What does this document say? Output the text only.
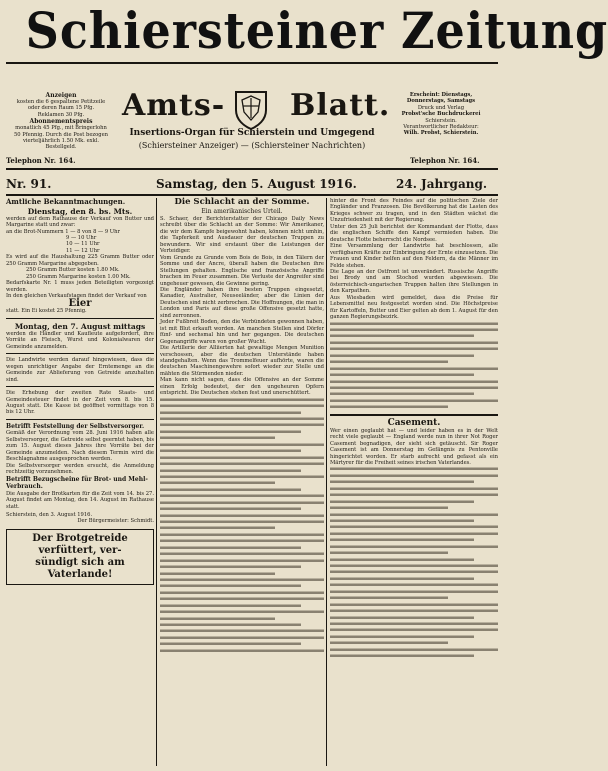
Schiersteiner Zeitung
Anzeigen
kosten die 6 gespaltene Petitzeile
oder deren Raum 15 Pfg.
Reklamen 30 Pfg.
Abonnementspreis
monatlich 45 Pfg., mit Bringerlohn
50 Pfennig. Durch die Post bezogen
vierteljährlich 1.50 Mk. exkl.
Bestellgeld.
Amts- Blatt.
Insertions-Organ für Schierstein und Umgegend
(Schiersteiner Anzeiger) — (Schiersteiner Nachrichten)
Erscheint: Dienstags,
Donnerstags, Samstags
Druck und Verlag
Probst'sche Buchdruckerei
Schierstein.
Verantwortlicher Redakteur:
Wilh. Probst, Schierstein.
Telephon Nr. 164.	Telephon Nr. 164.
Nr. 91.	Samstag, den 5. August 1916.	24. Jahrgang.

Amtliche Bekanntmachungen.

Dienstag, den 8. bs. Mts.

werden auf dem Rathause der Verkauf von Butter und Margarine statt und zwar:

an die Brot-Nummern 1 — 8 von 8 — 9 Uhr

9 — 10 Uhr

10 — 11 Uhr

11 — 12 Uhr

Es wird auf die Haushaltung 225 Gramm Butter oder 250 Gramm Margarine abgegeben.

250 Gramm Butter kosten 1.80 Mk.

250 Gramm Margarine kosten 1.00 Mk.

Bedarfskarte Nr. 1 muss jeden Beteiligten vorgezeigt werden.

In den gleichen Verkaufstagen findet der Verkauf von

Eier

statt. Ein Ei kostet 25 Pfennig.

Montag, den 7. August mittags

werden die Händler und Kaufleute aufgefordert, ihre Vorräte an Fleisch, Wurst und Kolonialwaren der Gemeinde anzumelden.

Die Landwirte werden darauf hingewiesen, dass die wegen unrichtiger Angabe der Erntemenge an die Gemeinde zur Ablieferung von Getreide anzuhalten sind.

Die Erhebung der zweiten Rate Staats- und Gemeindesteuer findet in der Zeit vom 8. bis 15. August statt. Die Kasse ist geöffnet vormittags von 8 bis 12 Uhr.

Betrifft Feststellung der Selbstversorger.

Gemäß der Verordnung vom 28. Juni 1916 haben alle Selbstversorger, die Getreide selbst geerntet haben, bis zum 15. August dieses Jahres ihre Vorräte bei der Gemeinde anzumelden. Nach diesem Termin wird die Beschlagnahme ausgesprochen werden.

Die Selbstversorger werden ersucht, die Anmeldung rechtzeitig vorzunehmen.

Betrifft Bezugscheine für Brot- und Mehl-Verbrauch.

Die Ausgabe der Brotkarten für die Zeit vom 14. bis 27. August findet am Montag, den 14. August im Rathause statt.

Schierstein, den 3. August 1916.

Der Bürgermeister: Schmidt.

Der Brotgetreide verfüttert, ver-
sündigt sich am Vaterlande!

Die Schlacht an der Somme.

Ein amerikanisches Urteil.

S. Schaer, der Berichterstatter der Chicago Daily News schreibt über die Schlacht an der Somme: Wir Amerikaner, die wir dem Kampfe beigewohnt haben, können nicht umhin, die Tapferkeit und Ausdauer der deutschen Truppen zu bewundern. Wir sind erstaunt über die Leistungen der Verteidiger.

Vom Grunde zu Grunde vom Bois de Bois, in den Tälern der Somme und der Ancre, überall haben die Deutschen ihre Stellungen gehalten. Englische und französische Angriffe brachen im Feuer zusammen. Die Verluste der Angreifer sind ungeheuer gewesen, die Gewinne gering.

Die Engländer haben ihre besten Truppen eingesetzt, Kanadier, Australier, Neuseeländer, aber die Linien der Deutschen sind nicht zerbrochen. Die Hoffnungen, die man in London und Paris auf diese große Offensive gesetzt hatte, sind zerronnen.

Jeder Fußbreit Boden, den die Verbündeten gewonnen haben, ist mit Blut erkauft worden. An manchen Stellen sind Dörfer fünf- und sechsmal hin und her gegangen. Die deutschen Gegenangriffe waren von großer Wucht.

Die Artillerie der Alliierten hat gewaltige Mengen Munition verschossen, aber die deutschen Unterstände haben standgehalten. Wenn das Trommelfeuer aufhörte, waren die deutschen Maschinengewehre sofort wieder zur Stelle und mähten die Stürmenden nieder.

Man kann nicht sagen, dass die Offensive an der Somme einen Erfolg bedeutet, der den ungeheuren Opfern entspricht. Die Deutschen stehen fest und unerschüttert.

hinter die Front des Feindes auf die politischen Ziele der Engländer und Franzosen. Die Bevölkerung hat die Lasten des Krieges schwer zu tragen, und in den Städten wächst die Unzufriedenheit mit der Regierung.

Unter den 25 Juli berichtet der Kommandant der Flotte, dass die englischen Schiffe den Kampf vermieden haben. Die deutsche Flotte beherrscht die Nordsee.

Eine Versammlung der Landwirte hat beschlossen, alle verfügbaren Kräfte zur Einbringung der Ernte einzusetzen. Die Frauen und Kinder helfen auf den Feldern, da die Männer im Felde stehen.

Die Lage an der Ostfront ist unverändert. Russische Angriffe bei Brody und am Stochod wurden abgewiesen. Die österreichisch-ungarischen Truppen halten ihre Stellungen in den Karpathen.

Aus Wiesbaden wird gemeldet, dass die Preise für Lebensmittel neu festgesetzt worden sind. Die Höchstpreise für Kartoffeln, Butter und Eier gelten ab dem 1. August für den ganzen Regierungsbezirk.

Casement.

Wer einen geglaubt hat — und leider haben es in der Welt recht viele geglaubt — England werde nun in ihrer Not Roger Casement begnadigen, der sieht sich getäuscht. Sir Roger Casement ist am Donnerstag im Gefängnis zu Pentonville hingerichtet worden. Er starb aufrecht und gefasst als ein Märtyrer für die Freiheit seines irischen Vaterlandes.
